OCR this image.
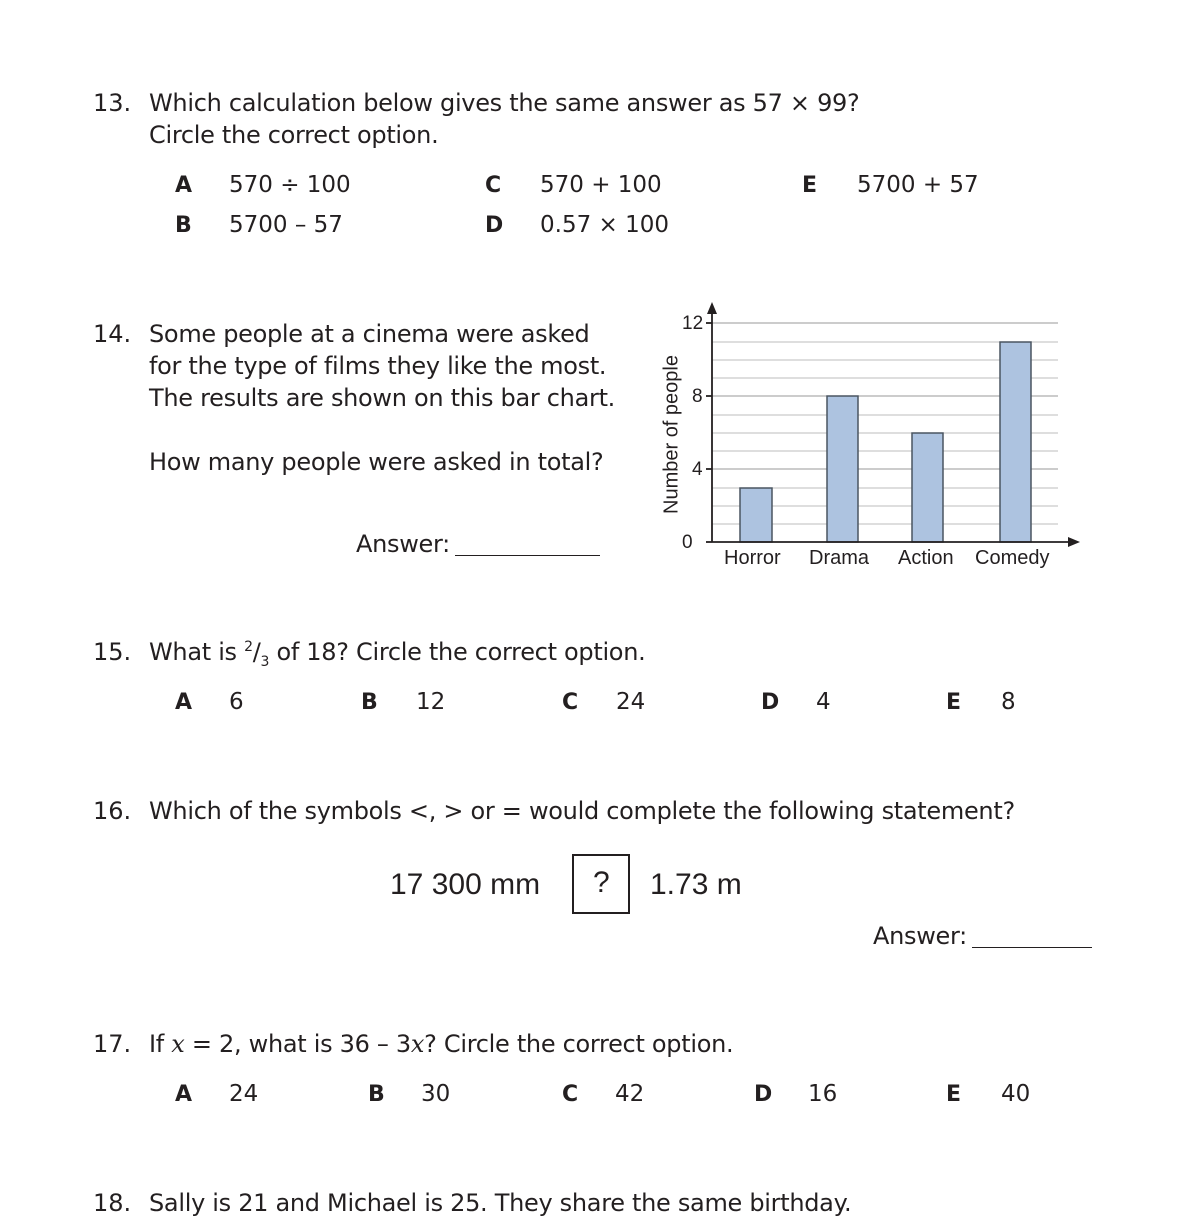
13. Which calculation below gives the same answer as 57 × 99?
Circle the correct option.
A 570 ÷ 100
B 5700 – 57
C 570 + 100
D 0.57 × 100
E 5700 + 57
14. Some people at a cinema were asked
for the type of films they like the most.
The results are shown on this bar chart.
How many people were asked in total?
Answer:	0
4
8
12
Number of people
Horror Drama Action Comedy
15. What is $^2/_3$ of 18? Circle the correct option.
A 6	B 12	C 24	D 4	E 8
16. Which of the symbols <, > or = would complete the following statement?
17 300 mm ? 1.73 m
Answer:
17. If x = 2, what is 36 – 3x? Circle the correct option.
A 24	B 30	C 42	D 16	E 40
18. Sally is 21 and Michael is 25. They share the same birthday.
